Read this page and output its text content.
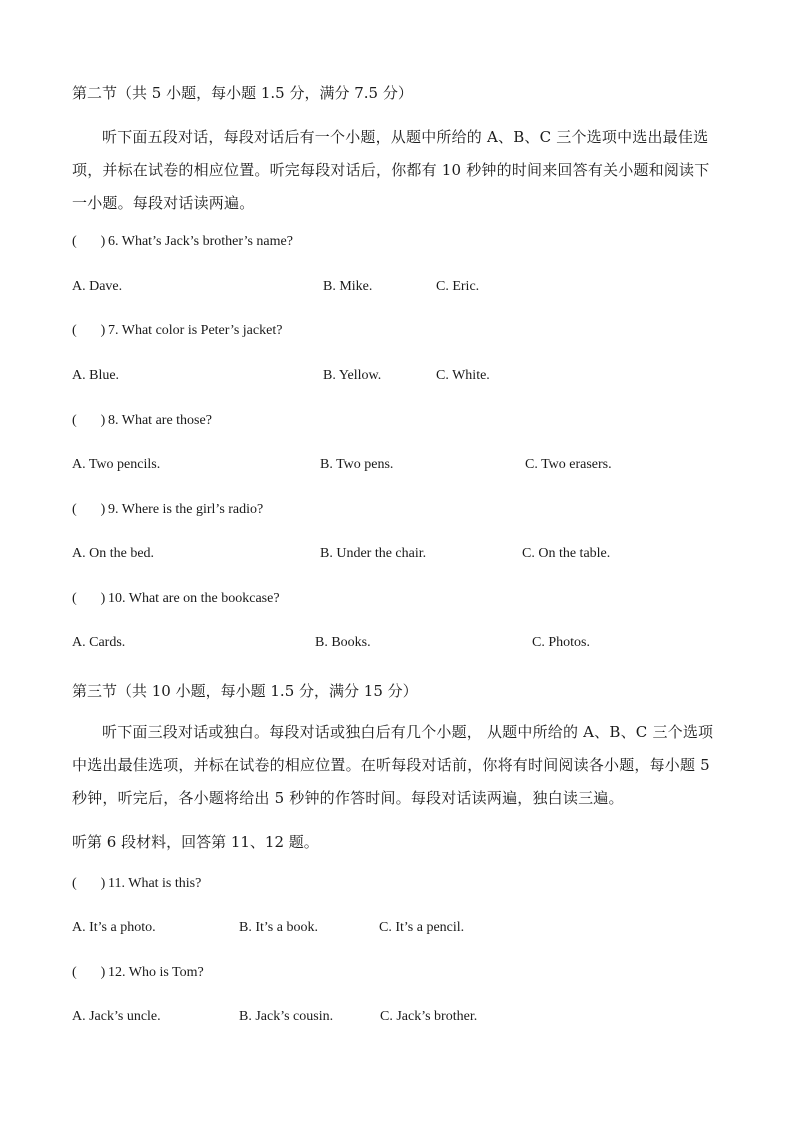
第二节（共 5 小题，每小题 1.5 分，满分 7.5 分）
听下面五段对话，每段对话后有一个小题，从题中所给的 A、B、C 三个选项中选出最佳选项，并标在试卷的相应位置。听完每段对话后，你都有 10 秒钟的时间来回答有关小题和阅读下一小题。每段对话读两遍。
( ) 6. What’s Jack’s brother’s name?
A. Dave.	B. Mike.	C. Eric.
( ) 7. What color is Peter’s jacket?
A. Blue.	B. Yellow.	C. White.
( ) 8. What are those?
A. Two pencils.	B. Two pens.	C. Two erasers.
( ) 9. Where is the girl’s radio?
A. On the bed.	B. Under the chair.	C. On the table.
( ) 10. What are on the bookcase?
A. Cards.	B. Books.	C. Photos.
第三节（共 10 小题，每小题 1.5 分，满分 15 分）
听下面三段对话或独白。每段对话或独白后有几个小题， 从题中所给的 A、B、C 三个选项中选出最佳选项，并标在试卷的相应位置。在听每段对话前，你将有时间阅读各小题，每小题 5 秒钟，听完后，各小题将给出 5 秒钟的作答时间。每段对话读两遍，独白读三遍。
听第 6 段材料，回答第 11、12 题。
( ) 11. What is this?
A. It’s a photo.	B. It’s a book.	C. It’s a pencil.
( ) 12. Who is Tom?
A. Jack’s uncle.	B. Jack’s cousin.	C. Jack’s brother.
